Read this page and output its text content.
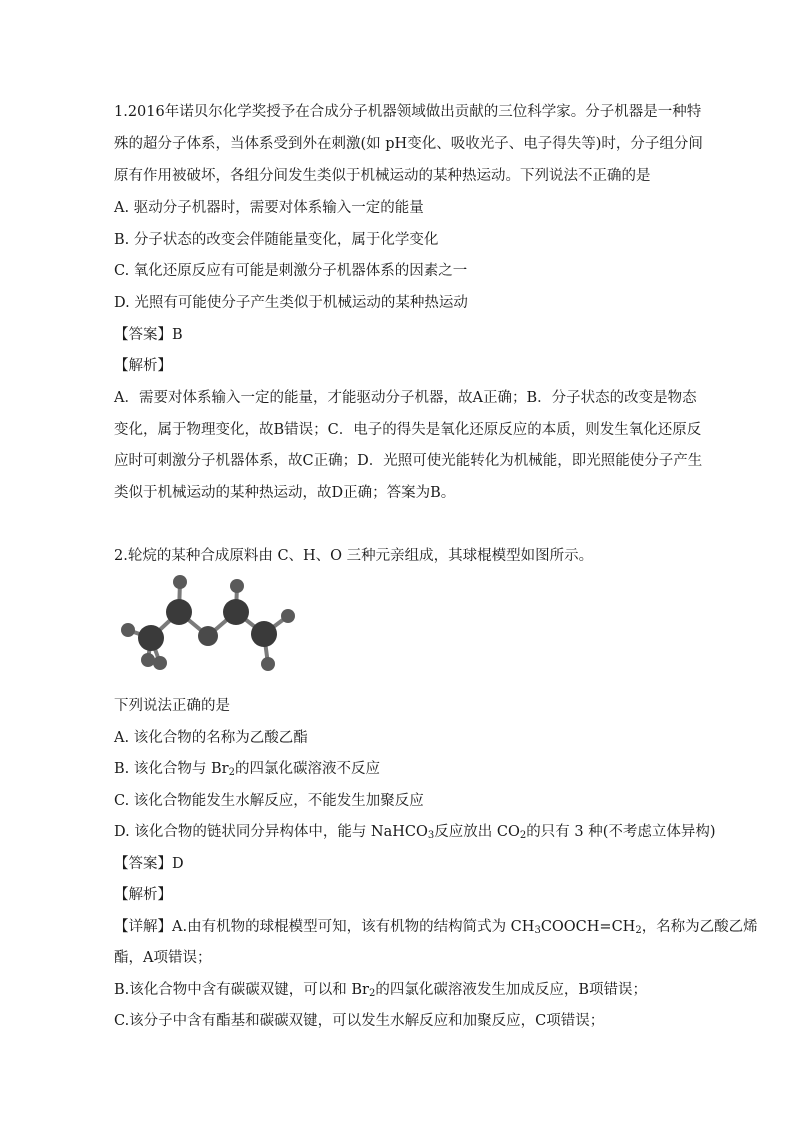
1.2016年诺贝尔化学奖授予在合成分子机器领域做出贡献的三位科学家。分子机器是一种特
殊的超分子体系，当体系受到外在刺激(如 pH变化、吸收光子、电子得失等)时，分子组分间
原有作用被破坏，各组分间发生类似于机械运动的某种热运动。下列说法不正确的是
A. 驱动分子机器时，需要对体系输入一定的能量
B. 分子状态的改变会伴随能量变化，属于化学变化
C. 氧化还原反应有可能是刺激分子机器体系的因素之一
D. 光照有可能使分子产生类似于机械运动的某种热运动
【答案】B
【解析】
A．需要对体系输入一定的能量，才能驱动分子机器，故A正确；B．分子状态的改变是物态
变化，属于物理变化，故B错误；C．电子的得失是氧化还原反应的本质，则发生氧化还原反
应时可刺激分子机器体系，故C正确；D．光照可使光能转化为机械能，即光照能使分子产生
类似于机械运动的某种热运动，故D正确；答案为B。
2.轮烷的某种合成原料由 C、H、O 三种元亲组成，其球棍模型如图所示。
下列说法正确的是
A. 该化合物的名称为乙酸乙酯
B. 该化合物与 $Br_2$的四氯化碳溶液不反应
C. 该化合物能发生水解反应，不能发生加聚反应
D. 该化合物的链状同分异构体中，能与 NaHCO$_3$反应放出 $CO_2$的只有 3 种(不考虑立体异构)
【答案】D
【解析】
【详解】A.由有机物的球棍模型可知，该有机物的结构简式为 $CH_3COOCH=CH_2$，名称为乙酸乙烯
酯，A项错误；
B.该化合物中含有碳碳双键，可以和 $Br_2$的四氯化碳溶液发生加成反应，B项错误；
C.该分子中含有酯基和碳碳双键，可以发生水解反应和加聚反应，C项错误；
